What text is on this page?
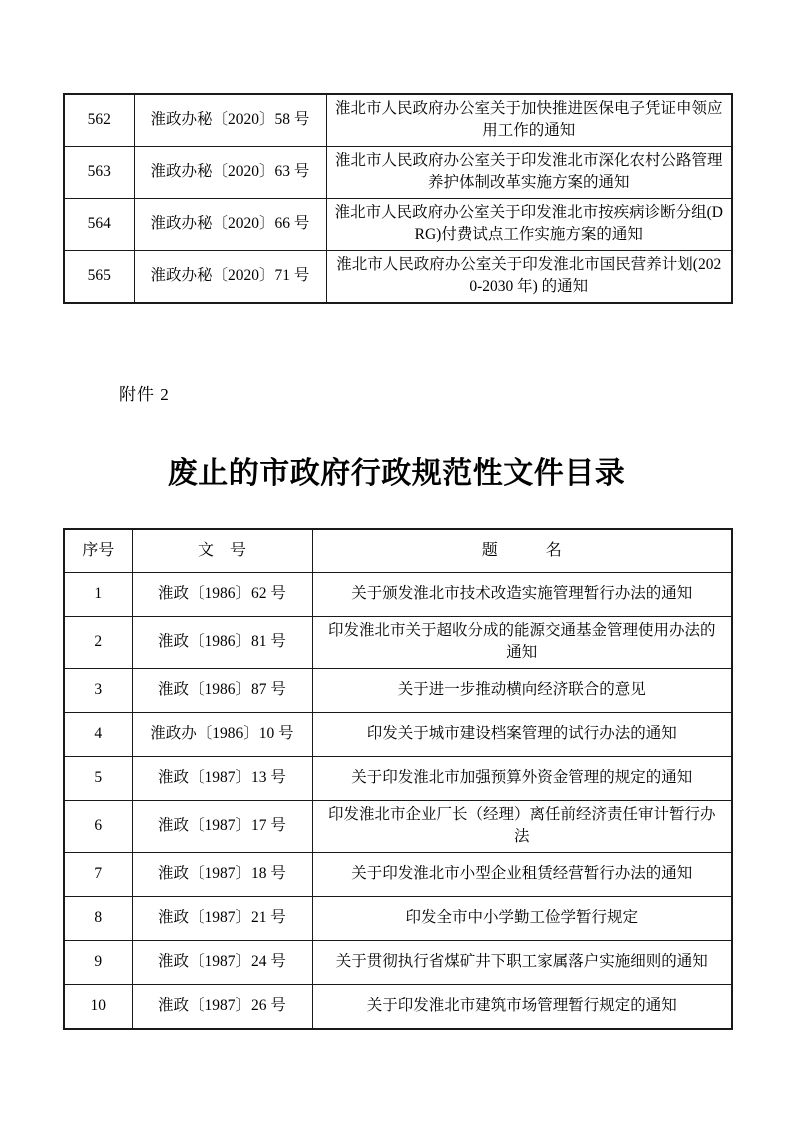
562	淮政办秘〔2020〕58 号	淮北市人民政府办公室关于加快推进医保电子凭证申领应用工作的通知
563	淮政办秘〔2020〕63 号	淮北市人民政府办公室关于印发淮北市深化农村公路管理养护体制改革实施方案的通知
564	淮政办秘〔2020〕66 号	淮北市人民政府办公室关于印发淮北市按疾病诊断分组(DRG)付费试点工作实施方案的通知
565	淮政办秘〔2020〕71 号	淮北市人民政府办公室关于印发淮北市国民营养计划(2020-2030 年) 的通知
附件 2
废止的市政府行政规范性文件目录
序号	文　号	题　　　名
1	淮政〔1986〕62 号	关于颁发淮北市技术改造实施管理暂行办法的通知
2	淮政〔1986〕81 号	印发淮北市关于超收分成的能源交通基金管理使用办法的通知
3	淮政〔1986〕87 号	关于进一步推动横向经济联合的意见
4	淮政办〔1986〕10 号	印发关于城市建设档案管理的试行办法的通知
5	淮政〔1987〕13 号	关于印发淮北市加强预算外资金管理的规定的通知
6	淮政〔1987〕17 号	印发淮北市企业厂长（经理）离任前经济责任审计暂行办法
7	淮政〔1987〕18 号	关于印发淮北市小型企业租赁经营暂行办法的通知
8	淮政〔1987〕21 号	印发全市中小学勤工俭学暂行规定
9	淮政〔1987〕24 号	关于贯彻执行省煤矿井下职工家属落户实施细则的通知
10	淮政〔1987〕26 号	关于印发淮北市建筑市场管理暂行规定的通知
